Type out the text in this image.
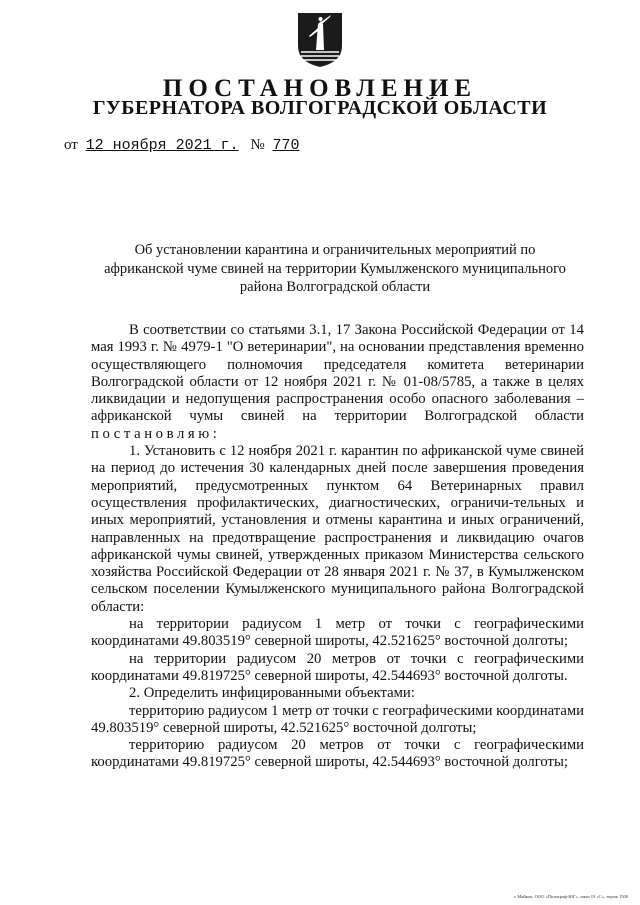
ПОСТАНОВЛЕНИЕ
ГУБЕРНАТОРА ВОЛГОГРАДСКОЙ ОБЛАСТИ
от 12 ноября 2021 г. № 770
Об установлении карантина и ограничительных мероприятий по африканской чуме свиней на территории Кумылженского муниципального района Волгоградской области

В соответствии со статьями 3.1, 17 Закона Российской Федерации от 14 мая 1993 г. № 4979-1 "О ветеринарии", на основании представления временно осуществляющего полномочия председателя комитета ветеринарии Волгоградской области от 12 ноября 2021 г. № 01-08/5785, а также в целях ликвидации и недопущения распространения особо опасного заболевания – африканской чумы свиней на территории Волгоградской области постановляю:

1. Установить с 12 ноября 2021 г. карантин по африканской чуме свиней на период до истечения 30 календарных дней после завершения проведения мероприятий, предусмотренных пунктом 64 Ветеринарных правил осуществления профилактических, диагностических, ограничи-тельных и иных мероприятий, установления и отмены карантина и иных ограничений, направленных на предотвращение распространения и ликвидацию очагов африканской чумы свиней, утвержденных приказом Министерства сельского хозяйства Российской Федерации от 28 января 2021 г. № 37, в Кумылженском сельском поселении Кумылженского муниципального района Волгоградской области:

на территории радиусом 1 метр от точки с географическими координатами 49.803519° северной широты, 42.521625° восточной долготы;

на территории радиусом 20 метров от точки с географическими координатами 49.819725° северной широты, 42.544693° восточной долготы.

2. Определить инфицированными объектами:

территорию радиусом 1 метр от точки с географическими координатами 49.803519° северной широты, 42.521625° восточной долготы;

территорию радиусом 20 метров от точки с географическими координатами 49.819725° северной широты, 42.544693° восточной долготы;

г. Майкоп, ООО «Полиграф-ЮГ», заказ 19 «С», тираж 1500
